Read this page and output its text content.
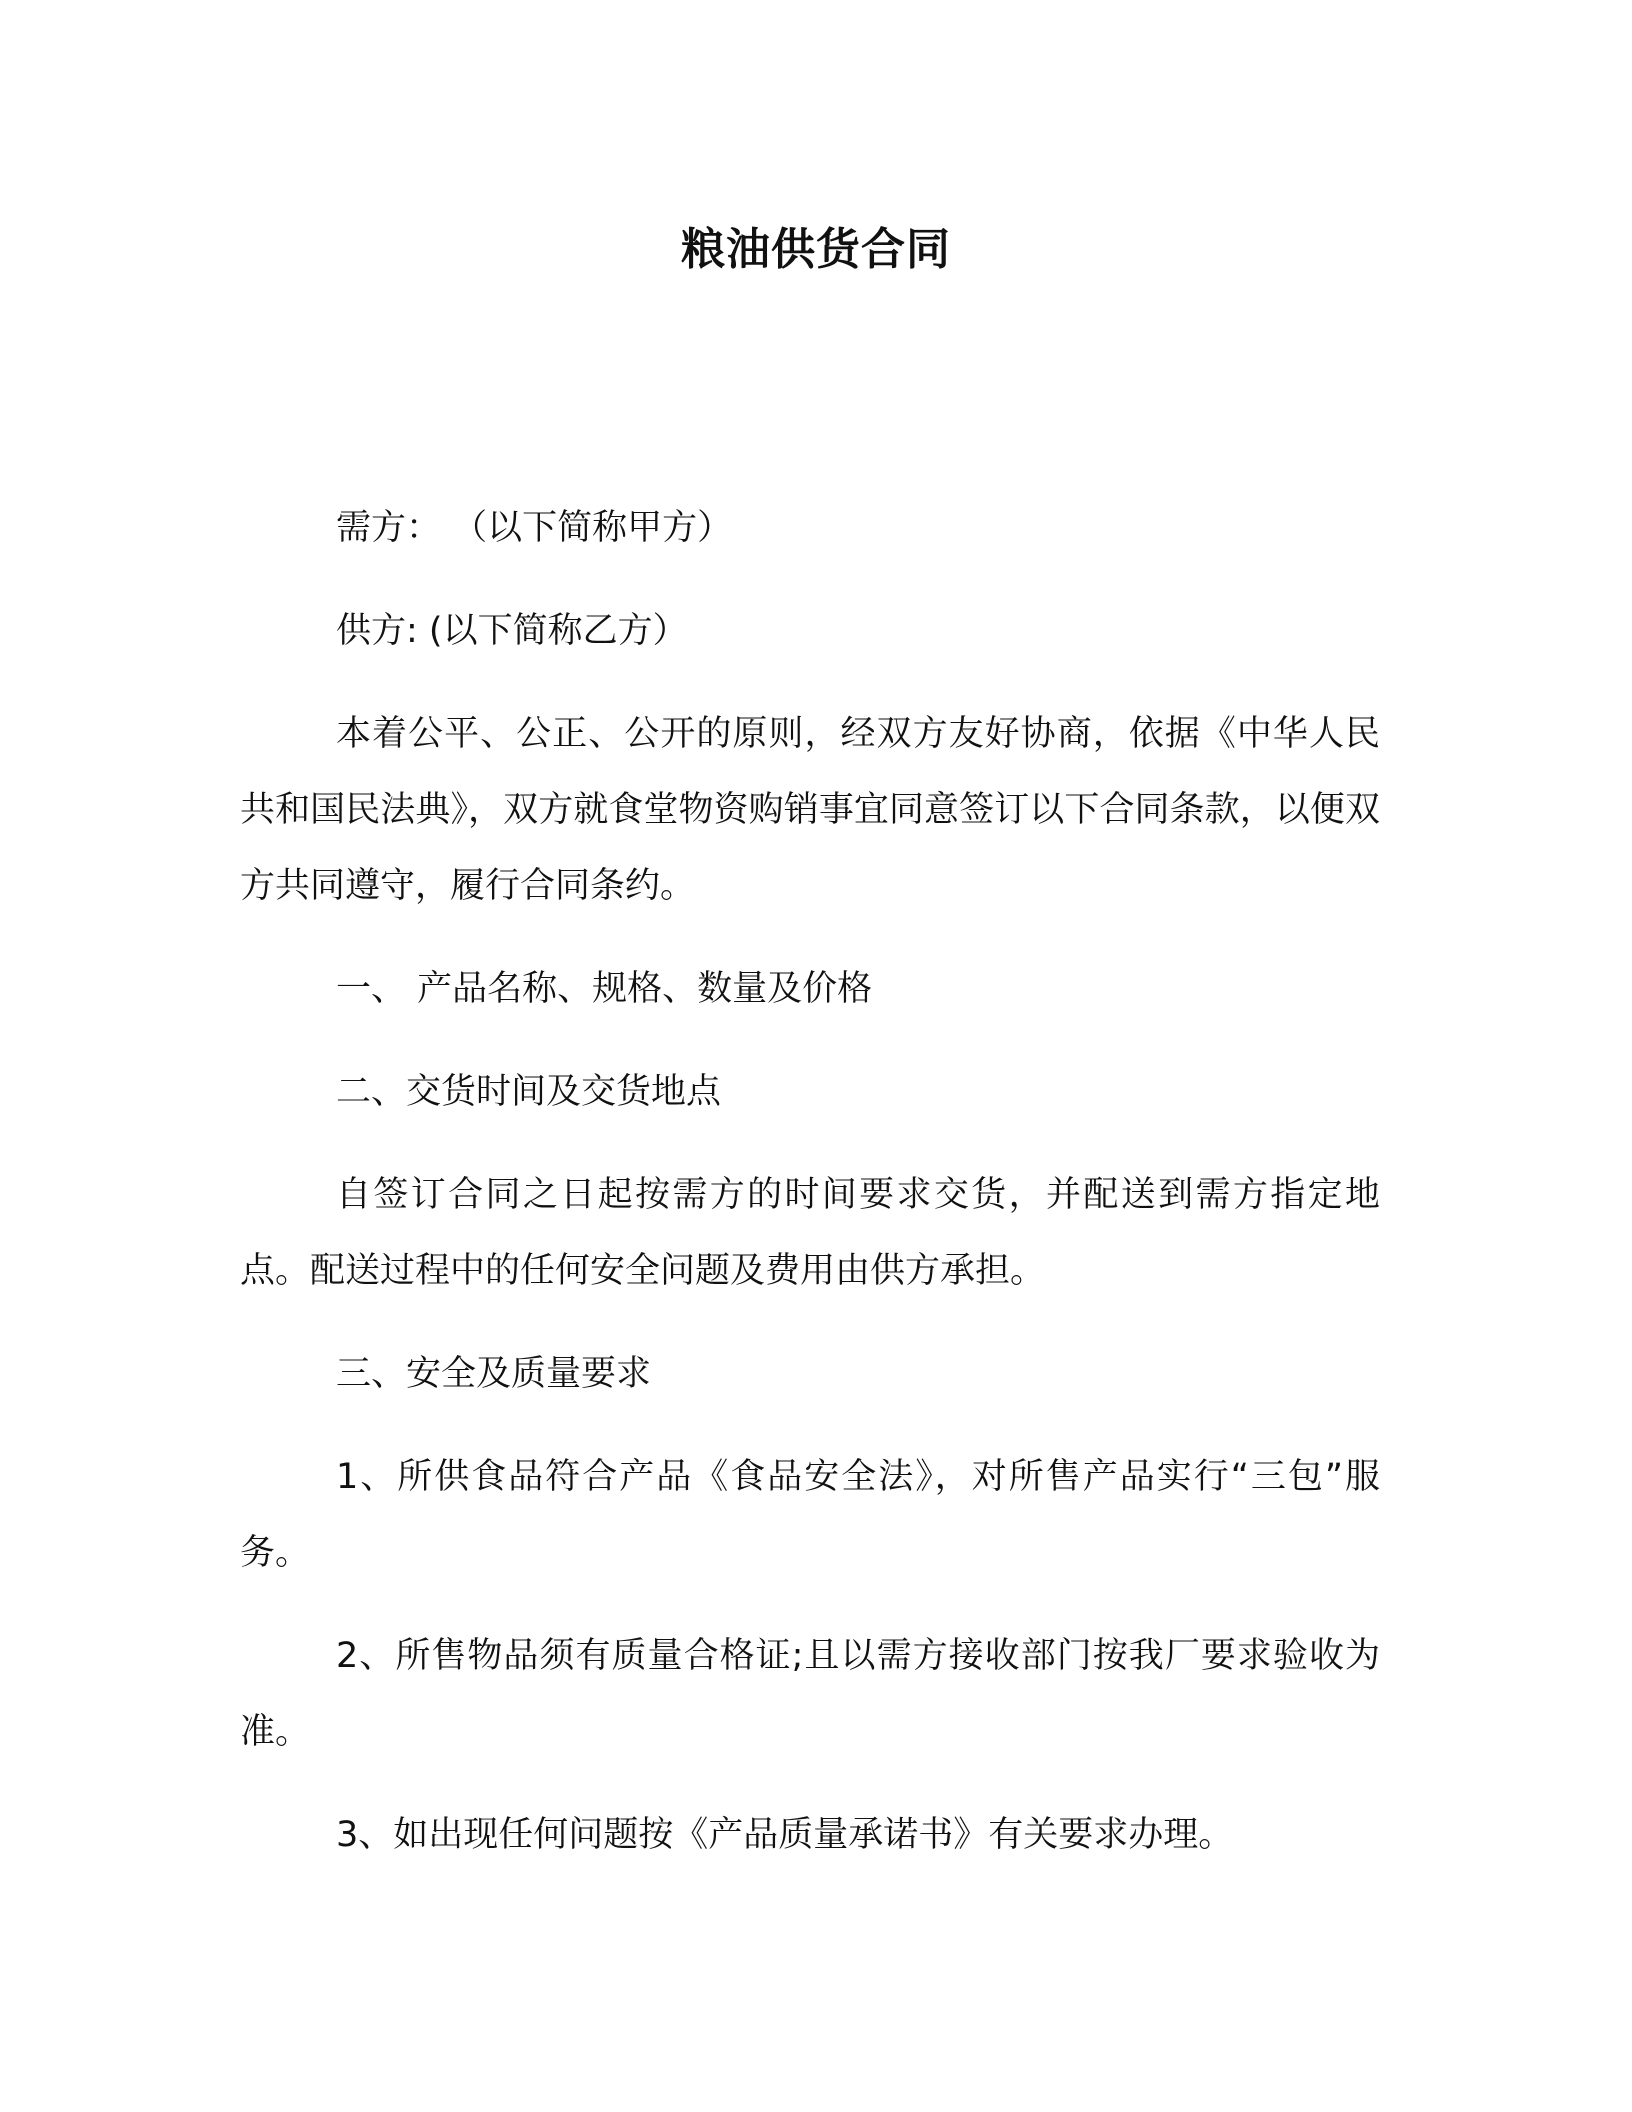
粮油供货合同

需方： （以下简称甲方）

供方: (以下简称乙方）

本着公平、公正、公开的原则，经双方友好协商，依据《中华人民共和国民法典》，双方就食堂物资购销事宜同意签订以下合同条款，以便双方共同遵守，履行合同条约。

一、 产品名称、规格、数量及价格

二、交货时间及交货地点

自签订合同之日起按需方的时间要求交货，并配送到需方指定地点。配送过程中的任何安全问题及费用由供方承担。

三、安全及质量要求

1、所供食品符合产品《食品安全法》，对所售产品实行“三包”服务。

2、所售物品须有质量合格证;且以需方接收部门按我厂要求验收为准。

3、如出现任何问题按《产品质量承诺书》有关要求办理。
